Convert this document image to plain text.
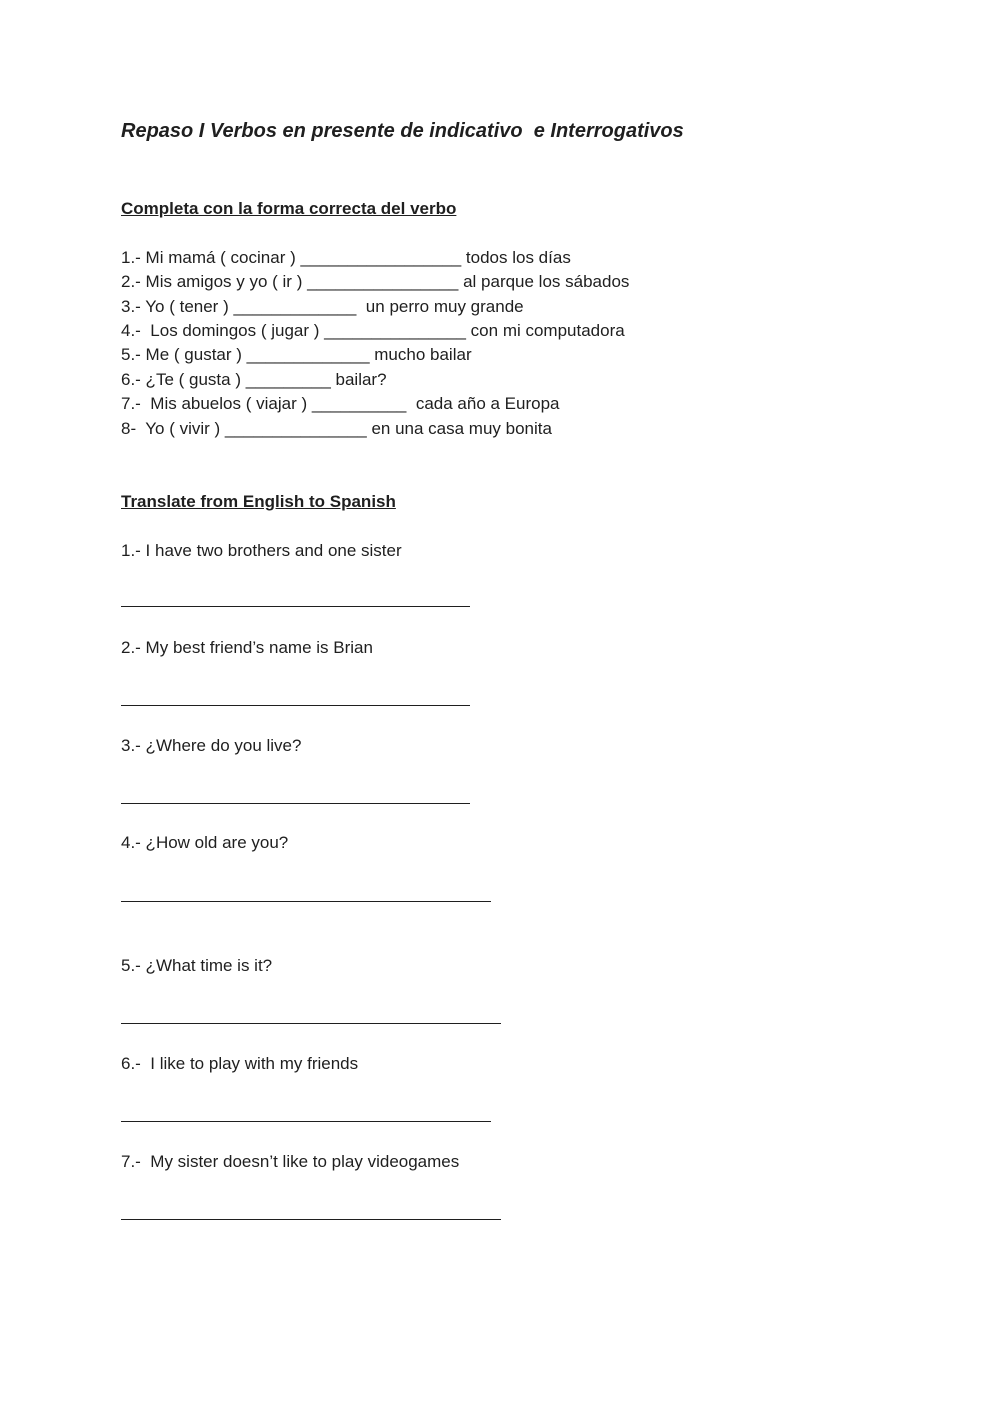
Repaso I Verbos en presente de indicativo  e Interrogativos
Completa con la forma correcta del verbo
1.- Mi mamá ( cocinar ) _________________ todos los días
2.- Mis amigos y yo ( ir ) ________________ al parque los sábados
3.- Yo ( tener ) _____________  un perro muy grande
4.-  Los domingos ( jugar ) _______________ con mi computadora
5.- Me ( gustar ) _____________ mucho bailar
6.- ¿Te ( gusta ) _________ bailar?
7.-  Mis abuelos ( viajar ) __________  cada año a Europa
8-  Yo ( vivir ) _______________ en una casa muy bonita
Translate from English to Spanish
1.- I have two brothers and one sister
2.- My best friend’s name is Brian
3.- ¿Where do you live?
4.- ¿How old are you?
5.- ¿What time is it?
6.-  I like to play with my friends
7.-  My sister doesn’t like to play videogames
